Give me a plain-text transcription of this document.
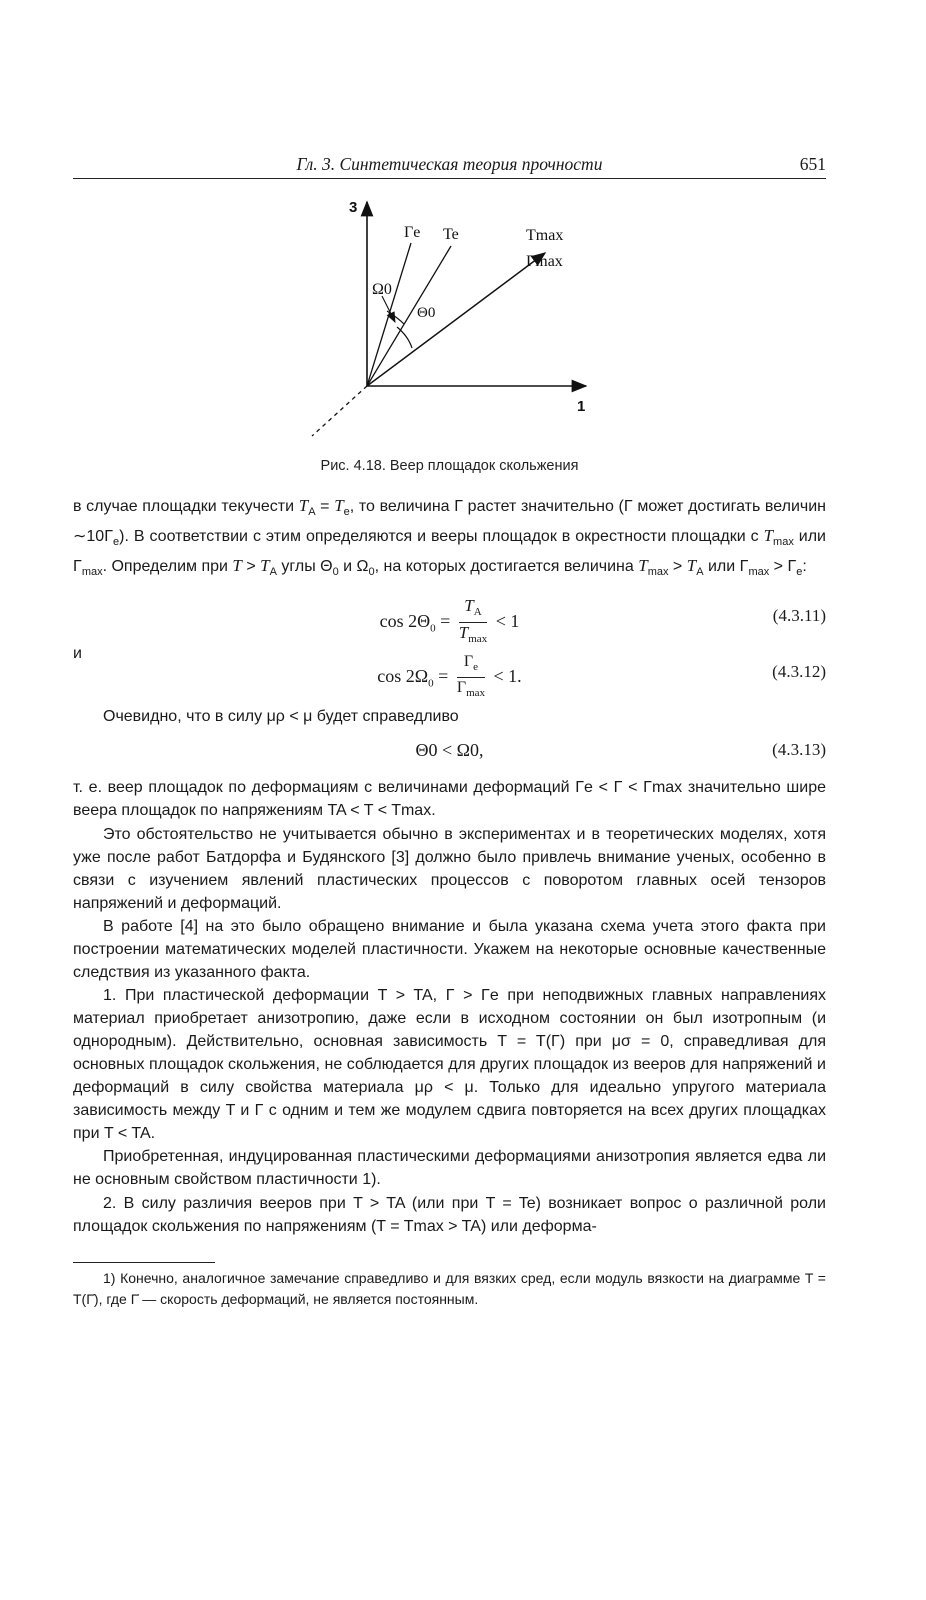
Гл. 3. Синтетическая теория прочности	651
3
1
Γe Te	Tmax
Γmax
Ω0
Θ0
Рис. 4.18. Веер площадок скольжения
в случае площадки текучести $T_A = T_e$, то величина Γ растет значительно (Γ может достигать величин $\sim 10\Gamma_e$). В соответствии с этим определяются и вееры площадок в окрестности площадки с $T_{max}$ или $\Gamma_{max}$. Определим при $T > T_A$ углы $\Theta_0$ и $\Omega_0$, на которых достигается величина $T_{max} > T_A$ или $\Gamma_{max} > \Gamma_e$:
$\cos 2\Theta_0 = \frac{T_A}{T_{max}} < 1$	(4.3.11)
и
$\cos 2\Omega_0 = \frac{\Gamma_e}{\Gamma_{max}} < 1$.	(4.3.12)
Очевидно, что в силу μρ < μ будет справедливо
Θ0 < Ω0,	(4.3.13)
т. е. веер площадок по деформациям с величинами деформаций Γe < Γ < Γmax значительно шире веера площадок по напряжениям TA < T < Tmax.
Это обстоятельство не учитывается обычно в экспериментах и в теоретических моделях, хотя уже после работ Батдорфа и Будянского [3] должно было привлечь внимание ученых, особенно в связи с изучением явлений пластических процессов с поворотом главных осей тензоров напряжений и деформаций.
В работе [4] на это было обращено внимание и была указана схема учета этого факта при построении математических моделей пластичности. Укажем на некоторые основные качественные следствия из указанного факта.
1. При пластической деформации T > TA, Γ > Γe при неподвижных главных направлениях материал приобретает анизотропию, даже если в исходном состоянии он был изотропным (и однородным). Действительно, основная зависимость T = T(Γ) при μσ = 0, справедливая для основных площадок скольжения, не соблюдается для других площадок из вееров для напряжений и деформаций в силу свойства материала μρ < μ. Только для идеально упругого материала зависимость между T и Γ с одним и тем же модулем сдвига повторяется на всех других площадках при T < TA.
Приобретенная, индуцированная пластическими деформациями анизотропия является едва ли не основным свойством пластичности 1).
2. В силу различия вееров при T > TA (или при T = Te) возникает вопрос о различной роли площадок скольжения по напряжениям (T = Tmax > TA) или деформа-
1) Конечно, аналогичное замечание справедливо и для вязких сред, если модуль вязкости на диаграмме T = T(Γ̇), где Γ̇ — скорость деформаций, не является постоянным.
